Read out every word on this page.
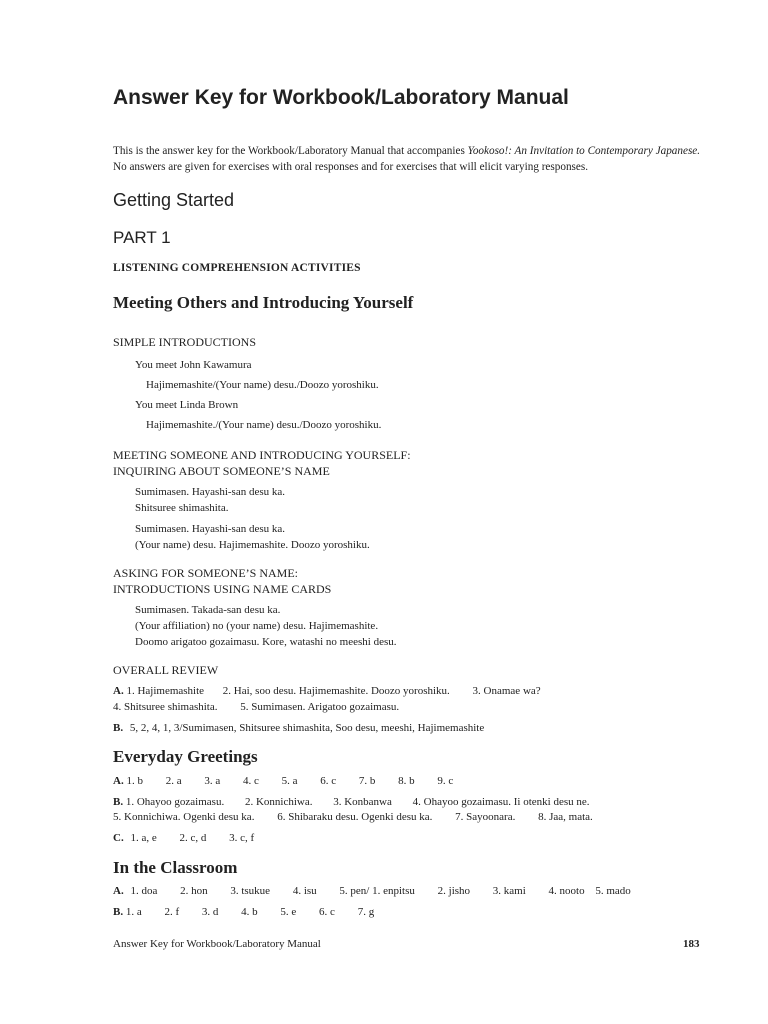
Answer Key for Workbook/Laboratory Manual

This is the answer key for the Workbook/Laboratory Manual that accompanies Yookoso!: An Invitation to Contemporary Japanese. No answers are given for exercises with oral responses and for exercises that will elicit varying responses.

Getting Started
PART 1
LISTENING COMPREHENSION ACTIVITIES
Meeting Others and Introducing Yourself
SIMPLE INTRODUCTIONS
You meet John Kawamura
Hajimemashite/(Your name) desu./Doozo yoroshiku.
You meet Linda Brown
Hajimemashite./(Your name) desu./Doozo yoroshiku.
MEETING SOMEONE AND INTRODUCING YOURSELF:
INQUIRING ABOUT SOMEONE’S NAME
Sumimasen. Hayashi-san desu ka.
Shitsuree shimashita.
Sumimasen. Hayashi-san desu ka.
(Your name) desu. Hajimemashite. Doozo yoroshiku.
ASKING FOR SOMEONE’S NAME:
INTRODUCTIONS USING NAME CARDS
Sumimasen. Takada-san desu ka.
(Your affiliation) no (your name) desu. Hajimemashite.
Doomo arigatoo gozaimasu. Kore, watashi no meeshi desu.
OVERALL REVIEW
A. 1. Hajimemashite 2. Hai, soo desu. Hajimemashite. Doozo yoroshiku. 3. Onamae wa?
4. Shitsuree shimashita. 5. Sumimasen. Arigatoo gozaimasu.
B. 5, 2, 4, 1, 3/Sumimasen, Shitsuree shimashita, Soo desu, meeshi, Hajimemashite
Everyday Greetings
A. 1. b 2. a 3. a 4. c 5. a 6. c 7. b 8. b 9. c
B. 1. Ohayoo gozaimasu. 2. Konnichiwa. 3. Konbanwa 4. Ohayoo gozaimasu. Ii otenki desu ne.
5. Konnichiwa. Ogenki desu ka. 6. Shibaraku desu. Ogenki desu ka. 7. Sayoonara. 8. Jaa, mata.
C. 1. a, e 2. c, d 3. c, f
In the Classroom
A. 1. doa 2. hon 3. tsukue 4. isu 5. pen/ 1. enpitsu 2. jisho 3. kami 4. nooto 5. mado
B. 1. a 2. f 3. d 4. b 5. e 6. c 7. g
Answer Key for Workbook/Laboratory Manual	183
